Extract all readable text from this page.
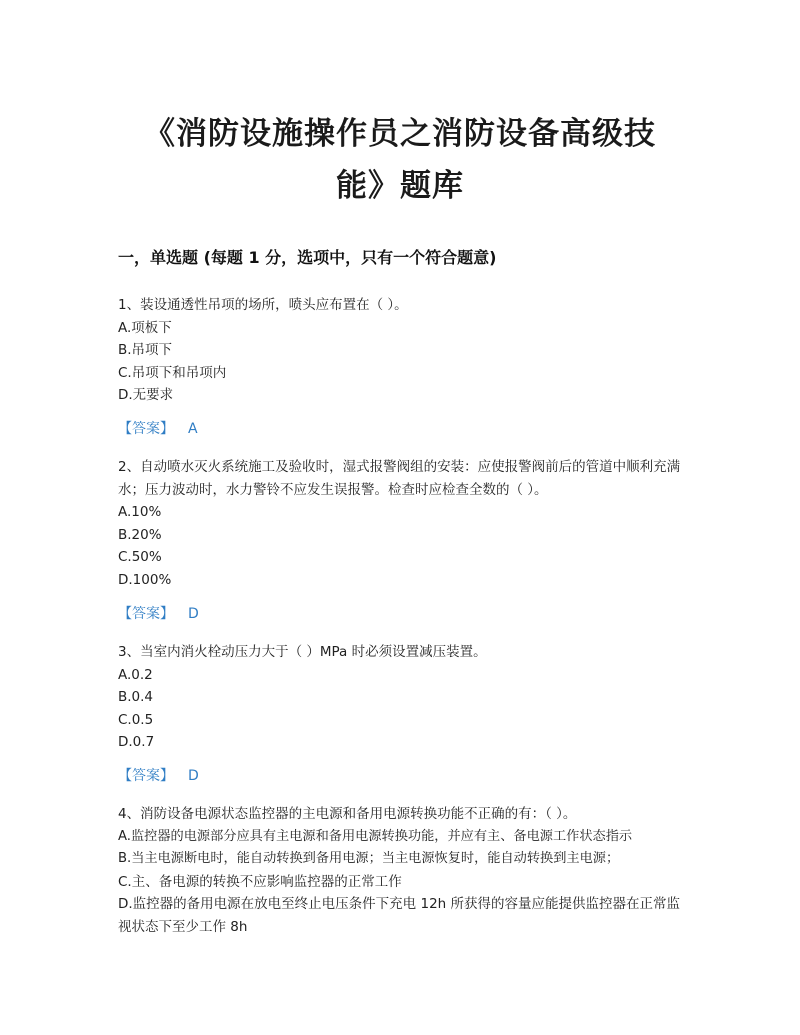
《消防设施操作员之消防设备高级技
能》题库
一，单选题 (每题 1 分，选项中，只有一个符合题意)

1、装设通透性吊项的场所，喷头应布置在（ ）。

A.项板下

B.吊项下

C.吊项下和吊项内

D.无要求

【答案】 A

2、自动喷水灭火系统施工及验收时，湿式报警阀组的安装：应使报警阀前后的管道中顺利充满水；压力波动时，水力警铃不应发生误报警。检查时应检查全数的（ ）。

A.10%

B.20%

C.50%

D.100%

【答案】 D

3、当室内消火栓动压力大于（ ）MPa 时必须设置减压装置。

A.0.2

B.0.4

C.0.5

D.0.7

【答案】 D

4、消防设备电源状态监控器的主电源和备用电源转换功能不正确的有：（ ）。

A.监控器的电源部分应具有主电源和备用电源转换功能，并应有主、备电源工作状态指示

B.当主电源断电时，能自动转换到备用电源；当主电源恢复时，能自动转换到主电源；

C.主、备电源的转换不应影响监控器的正常工作

D.监控器的备用电源在放电至终止电压条件下充电 12h 所获得的容量应能提供监控器在正常监视状态下至少工作 8h
